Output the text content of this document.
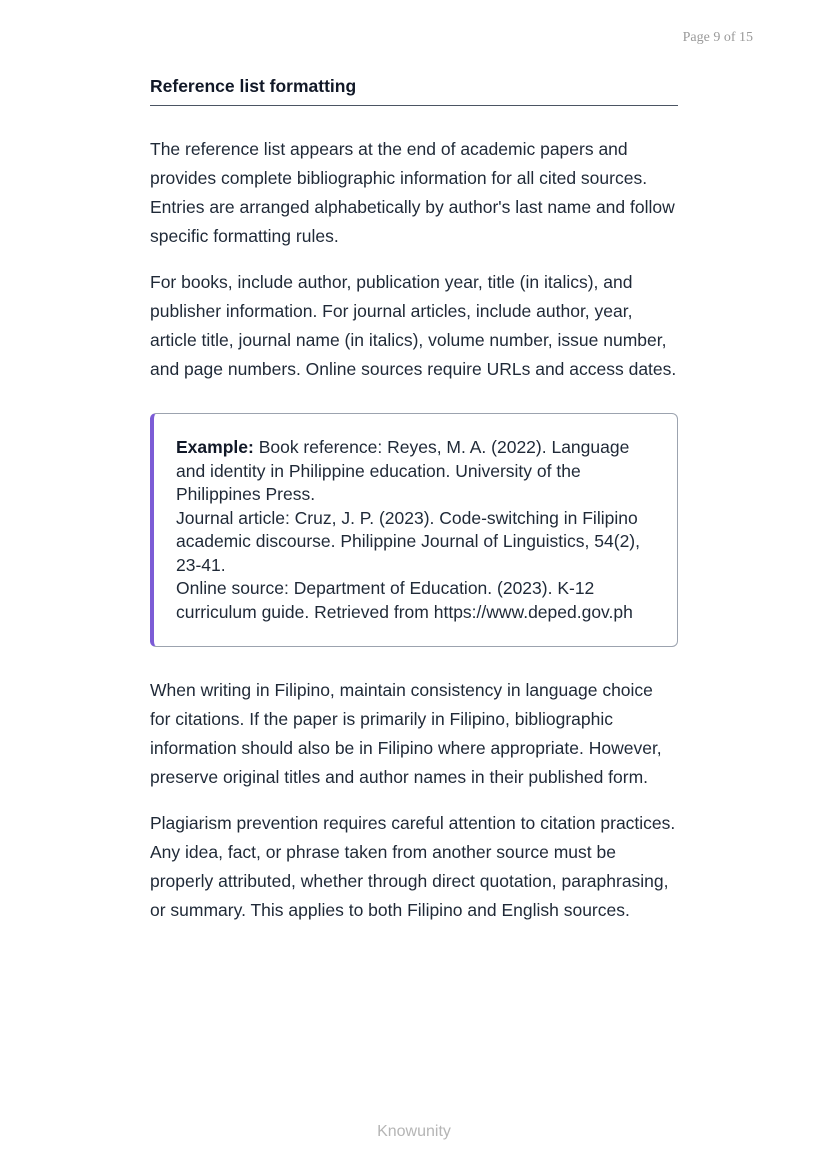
Page 9 of 15
Reference list formatting

The reference list appears at the end of academic papers and provides complete bibliographic information for all cited sources. Entries are arranged alphabetically by author's last name and follow specific formatting rules.

For books, include author, publication year, title (in italics), and publisher information. For journal articles, include author, year, article title, journal name (in italics), volume number, issue number, and page numbers. Online sources require URLs and access dates.

Example: Book reference: Reyes, M. A. (2022). Language and identity in Philippine education. University of the Philippines Press.

Journal article: Cruz, J. P. (2023). Code-switching in Filipino academic discourse. Philippine Journal of Linguistics, 54(2), 23-41.

Online source: Department of Education. (2023). K-12 curriculum guide. Retrieved from https://www.deped.gov.ph

When writing in Filipino, maintain consistency in language choice for citations. If the paper is primarily in Filipino, bibliographic information should also be in Filipino where appropriate. However, preserve original titles and author names in their published form.

Plagiarism prevention requires careful attention to citation practices. Any idea, fact, or phrase taken from another source must be properly attributed, whether through direct quotation, paraphrasing, or summary. This applies to both Filipino and English sources.

Knowunity
